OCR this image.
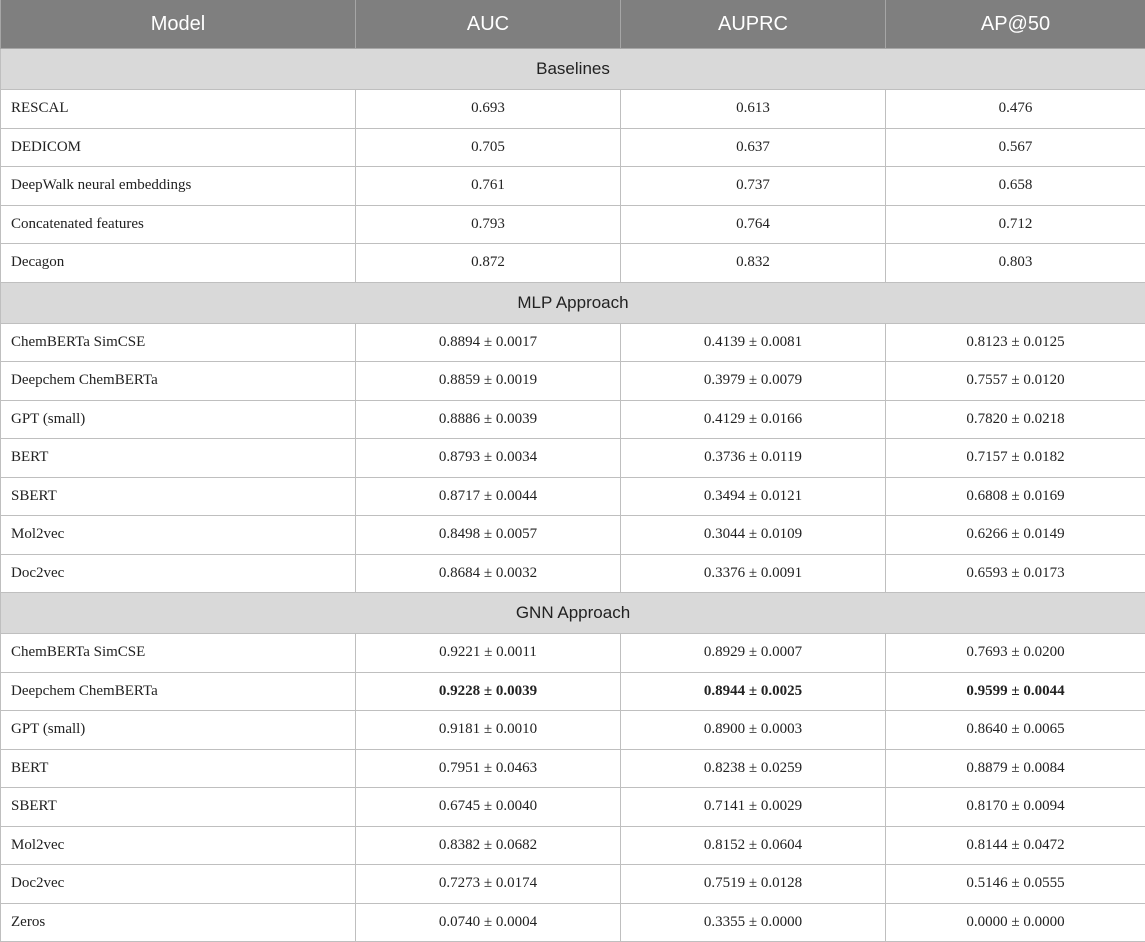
Model	AUC	AUPRC	AP@50
Baselines			
RESCAL	0.693	0.613	0.476
DEDICOM	0.705	0.637	0.567
DeepWalk neural embeddings	0.761	0.737	0.658
Concatenated features	0.793	0.764	0.712
Decagon	0.872	0.832	0.803
MLP Approach			
ChemBERTa SimCSE	0.8894 ± 0.0017	0.4139 ± 0.0081	0.8123 ± 0.0125
Deepchem ChemBERTa	0.8859 ± 0.0019	0.3979 ± 0.0079	0.7557 ± 0.0120
GPT (small)	0.8886 ± 0.0039	0.4129 ± 0.0166	0.7820 ± 0.0218
BERT	0.8793 ± 0.0034	0.3736 ± 0.0119	0.7157 ± 0.0182
SBERT	0.8717 ± 0.0044	0.3494 ± 0.0121	0.6808 ± 0.0169
Mol2vec	0.8498 ± 0.0057	0.3044 ± 0.0109	0.6266 ± 0.0149
Doc2vec	0.8684 ± 0.0032	0.3376 ± 0.0091	0.6593 ± 0.0173
GNN Approach			
ChemBERTa SimCSE	0.9221 ± 0.0011	0.8929 ± 0.0007	0.7693 ± 0.0200
Deepchem ChemBERTa	0.9228 ± 0.0039	0.8944 ± 0.0025	0.9599 ± 0.0044
GPT (small)	0.9181 ± 0.0010	0.8900 ± 0.0003	0.8640 ± 0.0065
BERT	0.7951 ± 0.0463	0.8238 ± 0.0259	0.8879 ± 0.0084
SBERT	0.6745 ± 0.0040	0.7141 ± 0.0029	0.8170 ± 0.0094
Mol2vec	0.8382 ± 0.0682	0.8152 ± 0.0604	0.8144 ± 0.0472
Doc2vec	0.7273 ± 0.0174	0.7519 ± 0.0128	0.5146 ± 0.0555
Zeros	0.0740 ± 0.0004	0.3355 ± 0.0000	0.0000 ± 0.0000
